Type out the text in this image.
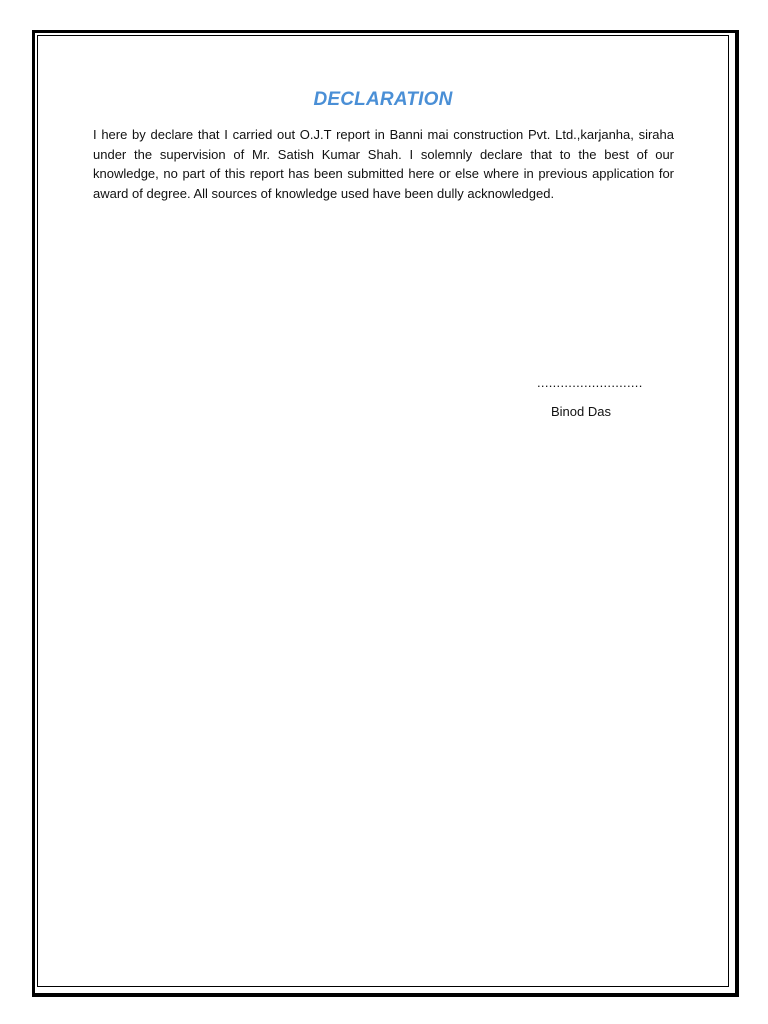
DECLARATION

I here by declare that I carried out O.J.T report in Banni mai construction Pvt. Ltd.,karjanha, siraha under the supervision of Mr. Satish Kumar Shah. I solemnly declare that to the best of our knowledge, no part of this report has been submitted here or else where in previous application for award of degree. All sources of knowledge used have been dully acknowledged.

...........................
Binod Das
